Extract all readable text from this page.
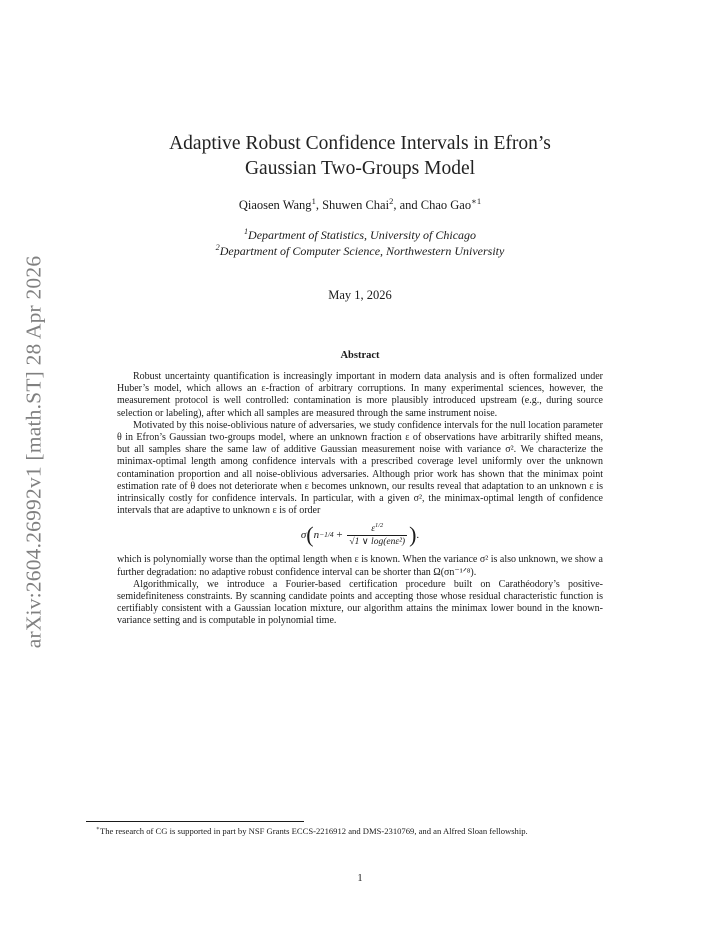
arXiv:2604.26992v1 [math.ST] 28 Apr 2026
Adaptive Robust Confidence Intervals in Efron’s
Gaussian Two-Groups Model
Qiaosen Wang$^1$, Shuwen Chai$^2$, and Chao Gao$^{∗1}$
$^1$Department of Statistics, University of Chicago
$^2$Department of Computer Science, Northwestern University
May 1, 2026
Abstract

Robust uncertainty quantification is increasingly important in modern data analysis and is often formalized under Huber’s model, which allows an ε-fraction of arbitrary corruptions. In many experimental sciences, however, the measurement protocol is well controlled: contamination is more plausibly introduced upstream (e.g., during source selection or labeling), after which all samples are measured through the same instrument noise.

Motivated by this noise-oblivious nature of adversaries, we study confidence intervals for the null location parameter θ in Efron’s Gaussian two-groups model, where an unknown fraction ε of observations have arbitrarily shifted means, but all samples share the same law of additive Gaussian measurement noise with variance σ². We characterize the minimax-optimal length among confidence intervals with a prescribed coverage level uniformly over the unknown contamination proportion and all noise-oblivious adversaries. Although prior work has shown that the minimax point estimation rate of θ does not deteriorate when ε becomes unknown, our results reveal that adaptation to an unknown ε is intrinsically costly for confidence intervals. In particular, with a given σ², the minimax-optimal length of confidence intervals that are adaptive to unknown ε is of order

σ ( n −1/4
+
$\frac{\varepsilon^{1/2}}{\text{√1 ∨ log(enε²)}}$ ) .

which is polynomially worse than the optimal length when ε is known. When the variance σ² is also unknown, we show a further degradation: no adaptive robust confidence interval can be shorter than Ω(σn⁻¹ᐟ⁸).

Algorithmically, we introduce a Fourier-based certification procedure built on Carathéodory’s positive-semidefiniteness constraints. By scanning candidate points and accepting those whose residual characteristic function is certifiably consistent with a Gaussian location mixture, our algorithm attains the minimax lower bound in the known-variance setting and is computable in polynomial time.

∗The research of CG is supported in part by NSF Grants ECCS-2216912 and DMS-2310769, and an Alfred Sloan fellowship.
1
